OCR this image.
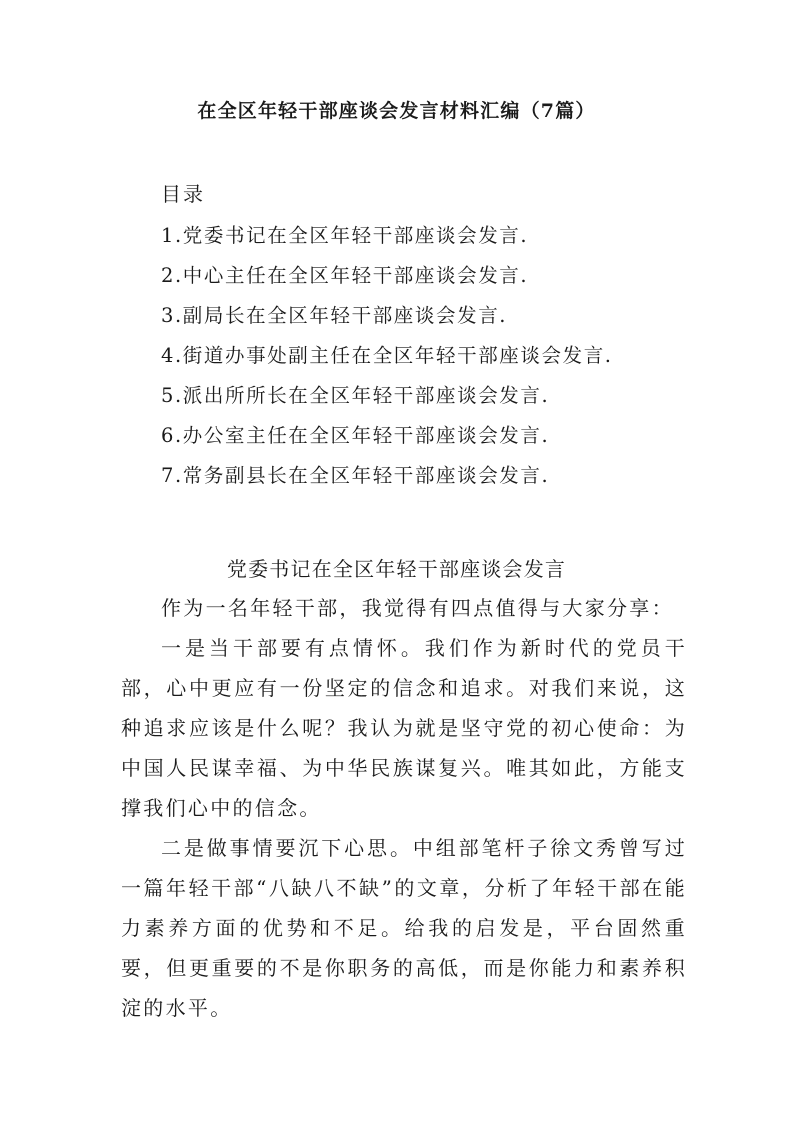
在全区年轻干部座谈会发言材料汇编（7篇）
目录
1.党委书记在全区年轻干部座谈会发言.
2.中心主任在全区年轻干部座谈会发言.
3.副局长在全区年轻干部座谈会发言.
4.街道办事处副主任在全区年轻干部座谈会发言.
5.派出所所长在全区年轻干部座谈会发言.
6.办公室主任在全区年轻干部座谈会发言.
7.常务副县长在全区年轻干部座谈会发言.
党委书记在全区年轻干部座谈会发言

作为一名年轻干部，我觉得有四点值得与大家分享：

一是当干部要有点情怀。我们作为新时代的党员干部，心中更应有一份坚定的信念和追求。对我们来说，这种追求应该是什么呢？我认为就是坚守党的初心使命：为中国人民谋幸福、为中华民族谋复兴。唯其如此，方能支撑我们心中的信念。

二是做事情要沉下心思。中组部笔杆子徐文秀曾写过一篇年轻干部“八缺八不缺”的文章，分析了年轻干部在能力素养方面的优势和不足。给我的启发是，平台固然重要，但更重要的不是你职务的高低，而是你能力和素养积淀的水平。
